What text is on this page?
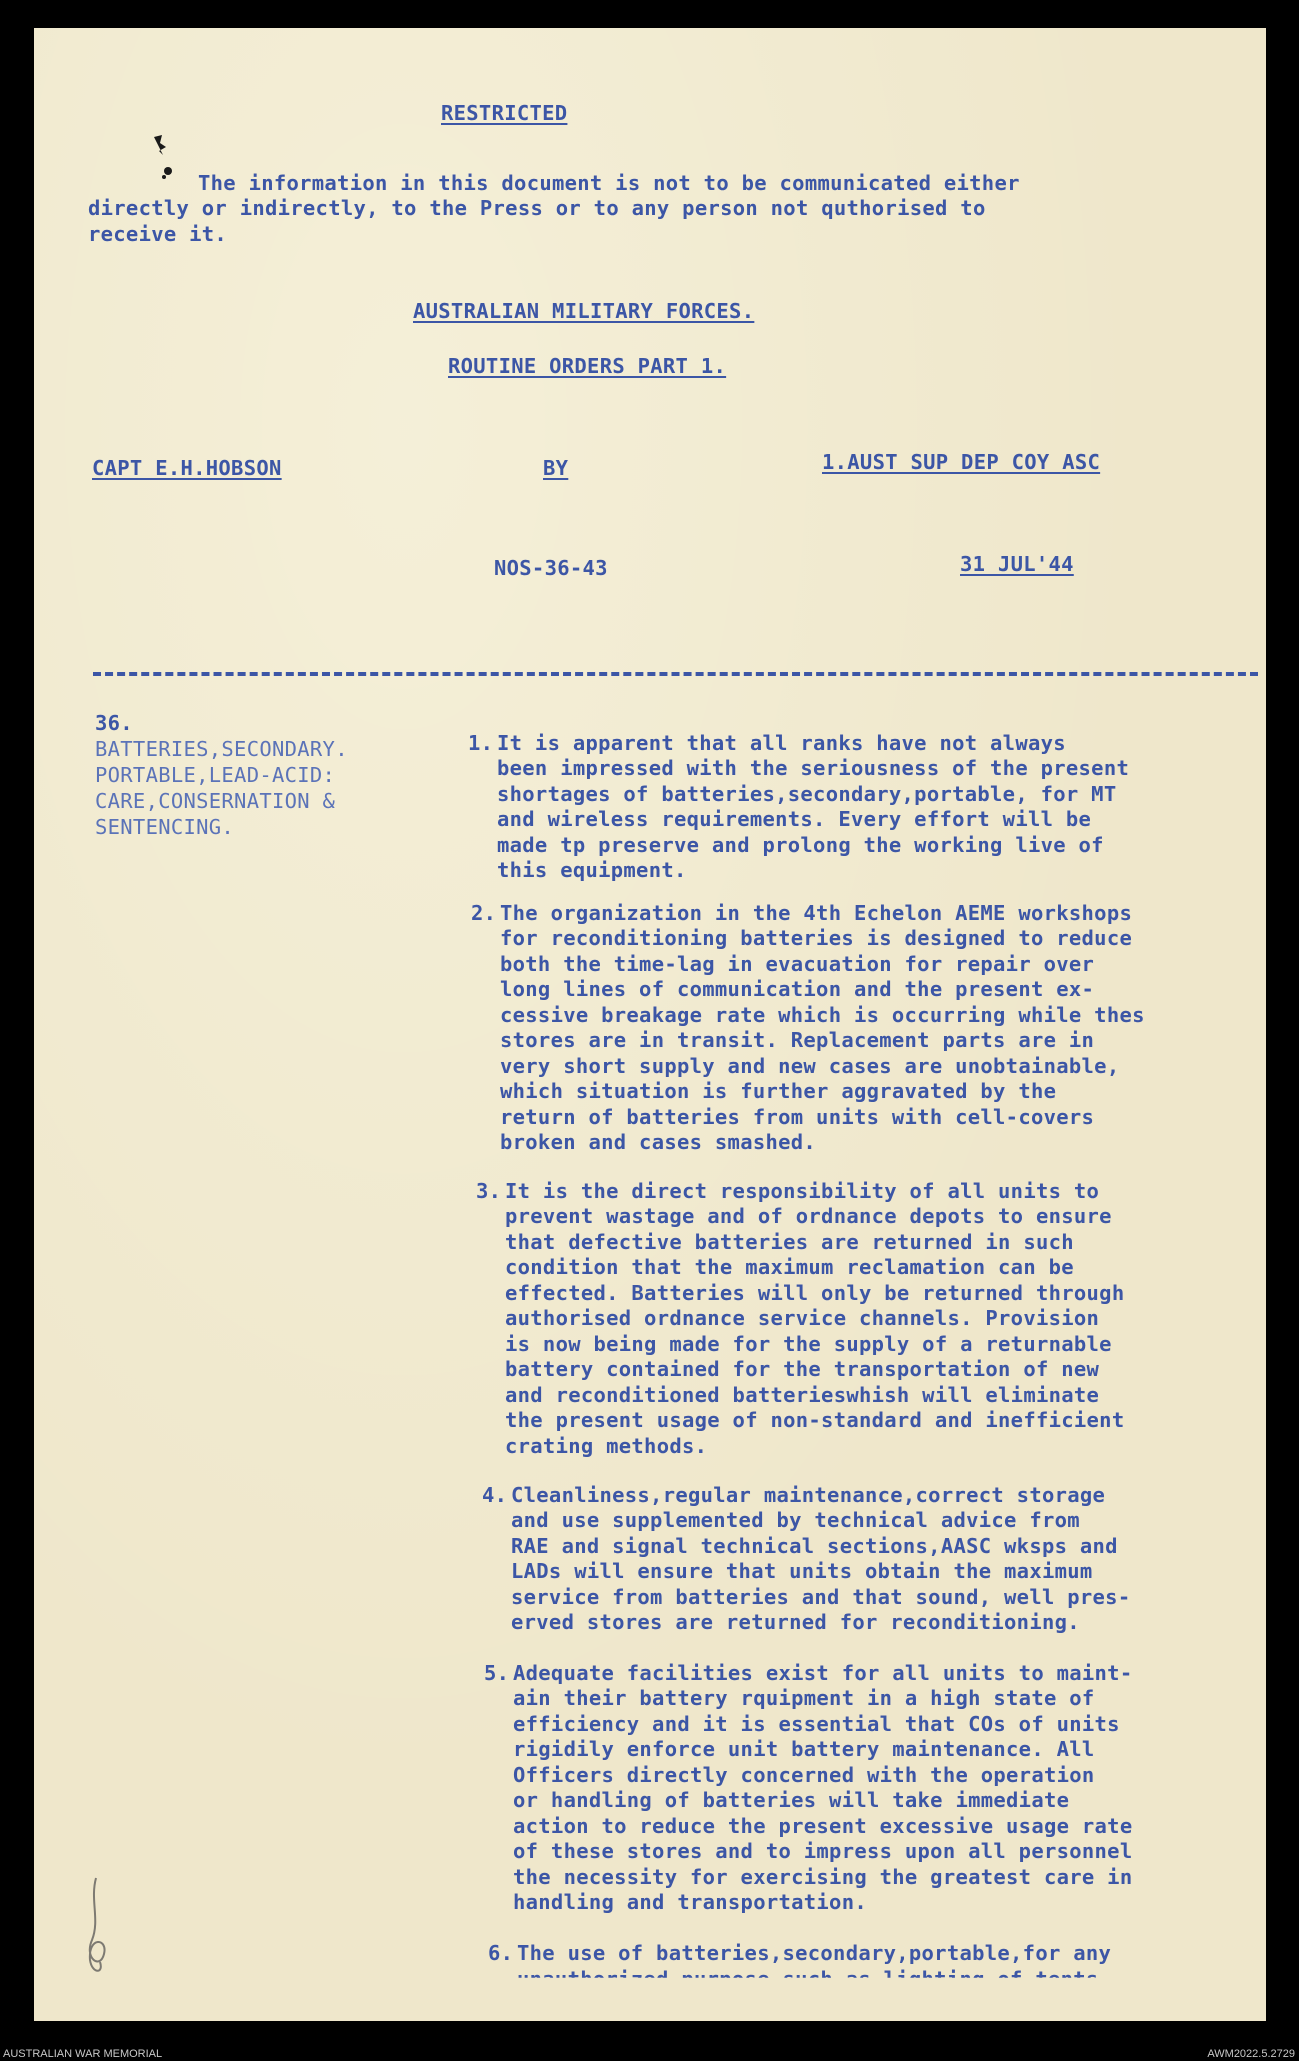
RESTRICTED
The information in this document is not to be communicated either
directly or indirectly, to the Press or to any person not quthorised to
receive it.
AUSTRALIAN MILITARY FORCES.
ROUTINE ORDERS PART 1.
CAPT E.H.HOBSON	BY	1.AUST SUP DEP COY ASC
NOS-36-43	31 JUL'44
36.
BATTERIES,SECONDARY.
PORTABLE,LEAD-ACID:
CARE,CONSERNATION &
SENTENCING.
1. It is apparent that all ranks have not always
been impressed with the seriousness of the present
shortages of batteries,secondary,portable, for MT
and wireless requirements. Every effort will be
made tp preserve and prolong the working live of
this equipment.
2. The organization in the 4th Echelon AEME workshops
for reconditioning batteries is designed to reduce
both the time-lag in evacuation for repair over
long lines of communication and the present ex-
cessive breakage rate which is occurring while thes
stores are in transit. Replacement parts are in
very short supply and new cases are unobtainable,
which situation is further aggravated by the
return of batteries from units with cell-covers
broken and cases smashed.
3. It is the direct responsibility of all units to
prevent wastage and of ordnance depots to ensure
that defective batteries are returned in such
condition that the maximum reclamation can be
effected. Batteries will only be returned through
authorised ordnance service channels. Provision
is now being made for the supply of a returnable
battery contained for the transportation of new
and reconditioned batterieswhish will eliminate
the present usage of non-standard and inefficient
crating methods.
4. Cleanliness,regular maintenance,correct storage
and use supplemented by technical advice from
RAE and signal technical sections,AASC wksps and
LADs will ensure that units obtain the maximum
service from batteries and that sound, well pres-
erved stores are returned for reconditioning.
5. Adequate facilities exist for all units to maint-
ain their battery rquipment in a high state of
efficiency and it is essential that COs of units
rigidily enforce unit battery maintenance. All
Officers directly concerned with the operation
or handling of batteries will take immediate
action to reduce the present excessive usage rate
of these stores and to impress upon all personnel
the necessity for exercising the greatest care in
handling and transportation.
6. The use of batteries,secondary,portable,for any
AUSTRALIAN WAR MEMORIAL	AWM2022.5.2729
